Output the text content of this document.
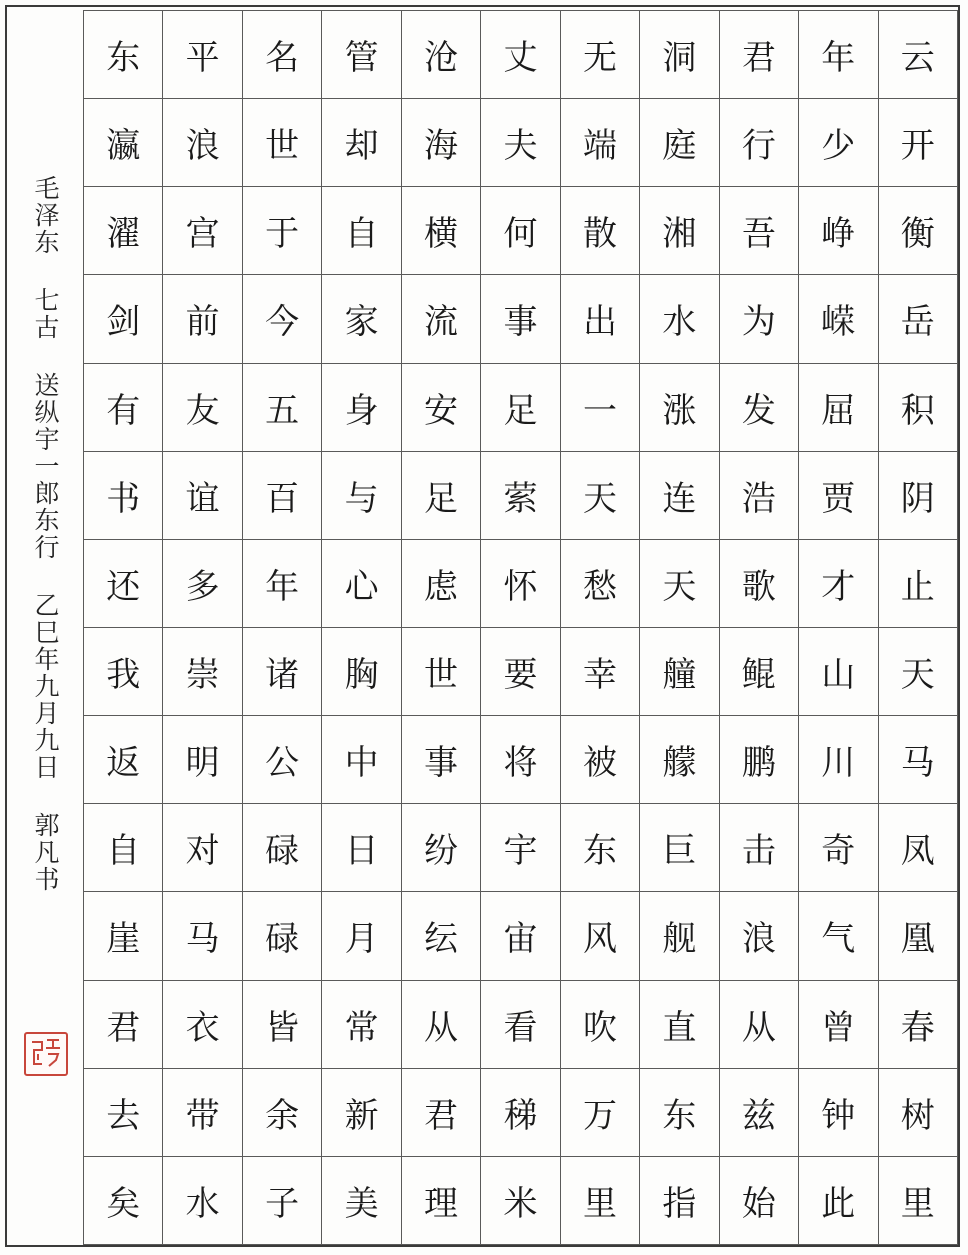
毛泽东 七古 送纵宇一郎东行 乙巳年九月九日 郭凡书
东	平	名	管	沧	丈	无	洞	君	年	云
瀛	浪	世	却	海	夫	端	庭	行	少	开
濯	宫	于	自	横	何	散	湘	吾	峥	衡
剑	前	今	家	流	事	出	水	为	嵘	岳
有	友	五	身	安	足	一	涨	发	屈	积
书	谊	百	与	足	萦	天	连	浩	贾	阴
还	多	年	心	虑	怀	愁	天	歌	才	止
我	崇	诸	胸	世	要	幸	艟	鲲	山	天
返	明	公	中	事	将	被	艨	鹏	川	马
自	对	碌	日	纷	宇	东	巨	击	奇	凤
崖	马	碌	月	纭	宙	风	舰	浪	气	凰
君	衣	皆	常	从	看	吹	直	从	曾	春
去	带	余	新	君	稊	万	东	兹	钟	树
矣	水	子	美	理	米	里	指	始	此	里
